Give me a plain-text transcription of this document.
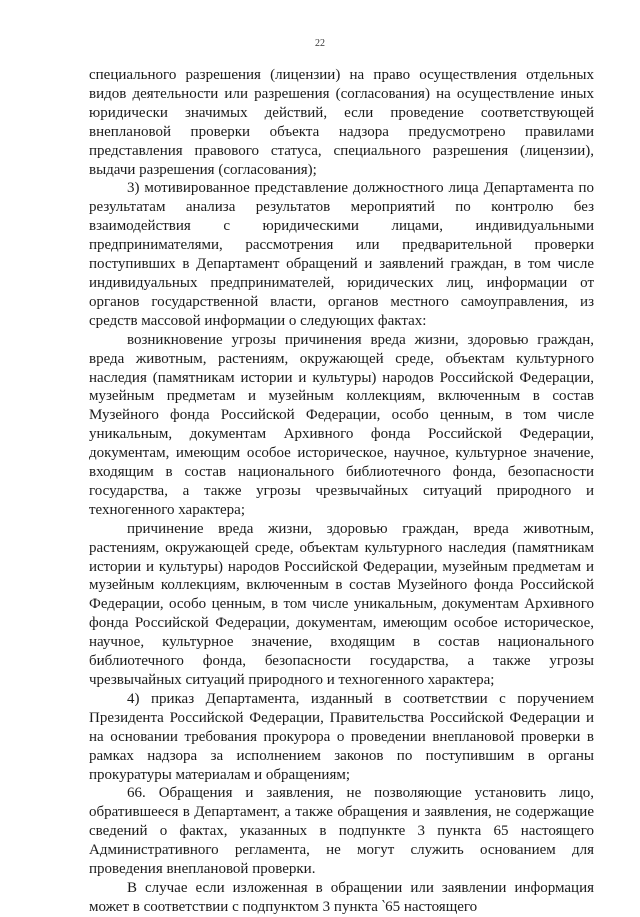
22

специального разрешения (лицензии) на право осуществления отдельных видов деятельности или разрешения (согласования) на осуществление иных юридически значимых действий, если проведение соответствующей внеплановой проверки объекта надзора предусмотрено правилами представления правового статуса, специального разрешения (лицензии), выдачи разрешения (согласования);

3) мотивированное представление должностного лица Департамента по результатам анализа результатов мероприятий по контролю без взаимодействия с юридическими лицами, индивидуальными предпринимателями, рассмотрения или предварительной проверки поступивших в Департамент обращений и заявлений граждан, в том числе индивидуальных предпринимателей, юридических лиц, информации от органов государственной власти, органов местного самоуправления, из средств массовой информации о следующих фактах:

возникновение угрозы причинения вреда жизни, здоровью граждан, вреда животным, растениям, окружающей среде, объектам культурного наследия (памятникам истории и культуры) народов Российской Федерации, музейным предметам и музейным коллекциям, включенным в состав Музейного фонда Российской Федерации, особо ценным, в том числе уникальным, документам Архивного фонда Российской Федерации, документам, имеющим особое историческое, научное, культурное значение, входящим в состав национального библиотечного фонда, безопасности государства, а также угрозы чрезвычайных ситуаций природного и техногенного характера;

причинение вреда жизни, здоровью граждан, вреда животным, растениям, окружающей среде, объектам культурного наследия (памятникам истории и культуры) народов Российской Федерации, музейным предметам и музейным коллекциям, включенным в состав Музейного фонда Российской Федерации, особо ценным, в том числе уникальным, документам Архивного фонда Российской Федерации, документам, имеющим особое историческое, научное, культурное значение, входящим в состав национального библиотечного фонда, безопасности государства, а также угрозы чрезвычайных ситуаций природного и техногенного характера;

4) приказ Департамента, изданный в соответствии с поручением Президента Российской Федерации, Правительства Российской Федерации и на основании требования прокурора о проведении внеплановой проверки в рамках надзора за исполнением законов по поступившим в органы прокуратуры материалам и обращениям;

66. Обращения и заявления, не позволяющие установить лицо, обратившееся в Департамент, а также обращения и заявления, не содержащие сведений о фактах, указанных в подпункте 3 пункта 65 настоящего Административного регламента, не могут служить основанием для проведения внеплановой проверки.

В случае если изложенная в обращении или заявлении информация может в соответствии с подпунктом 3 пункта ‵65 настоящего
